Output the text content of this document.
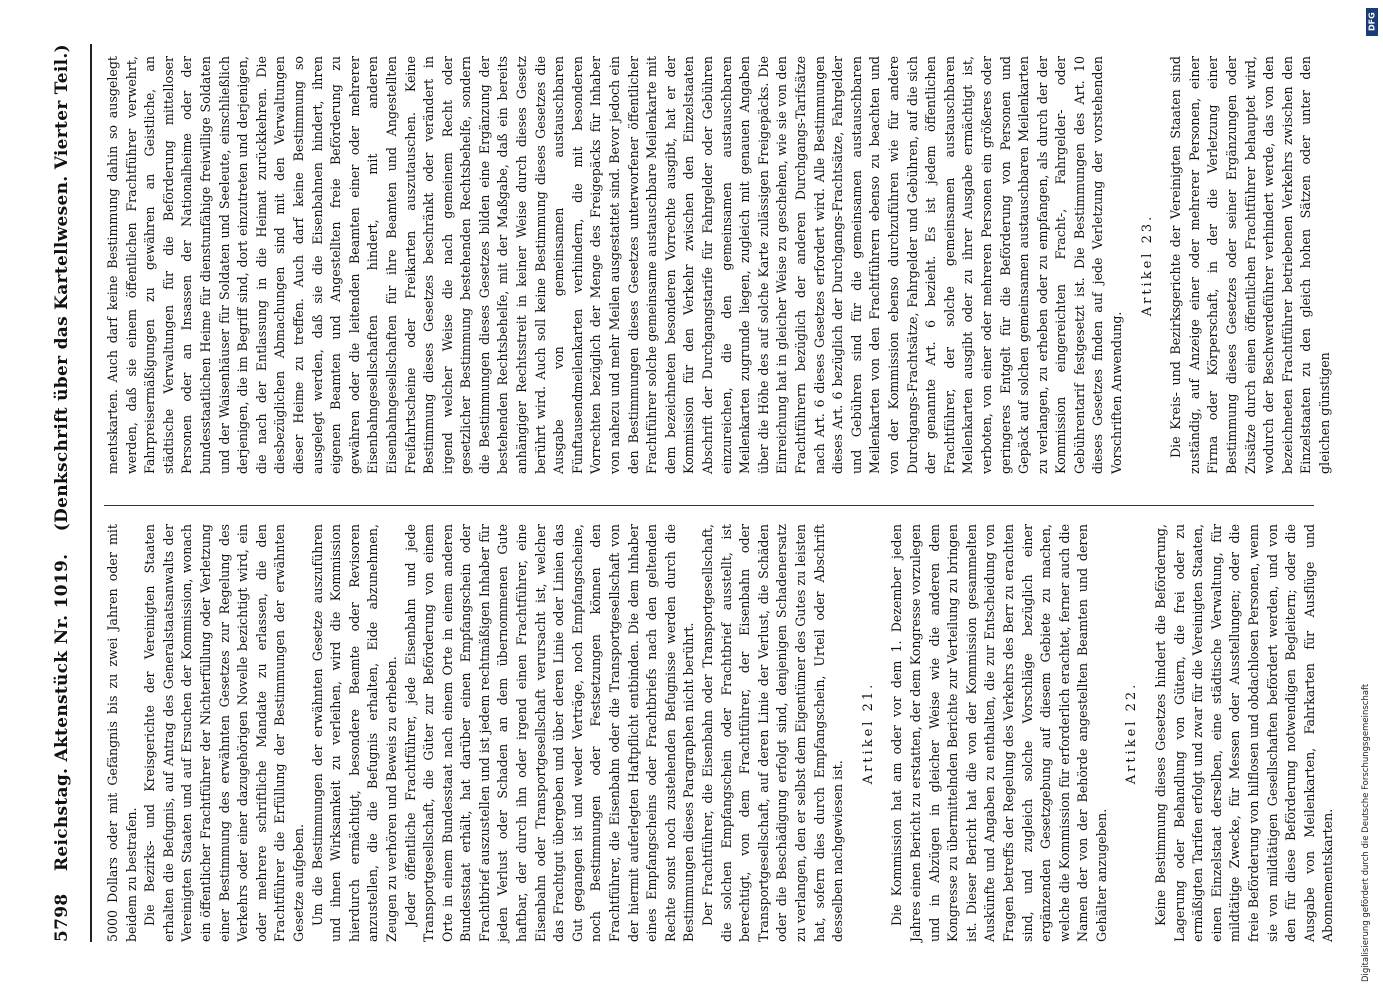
5798
Reichstag. Aktenstück Nr. 1019.
(Denkschrift über das Kartellwesen. Vierter Teil.)

5000 Dollars oder mit Gefängnis bis zu zwei Jahren oder mit beidem zu bestrafen. Die Bezirks- und Kreisgerichte der Vereinigten Staaten erhalten die Befugnis, auf Antrag des Generalstaatsanwalts der Vereinigten Staaten und auf Ersuchen der Kommission, wonach ein öffentlicher Frachtführer der Nichterfüllung oder Verletzung einer Bestimmung des erwähnten Gesetzes zur Regelung des Verkehrs oder einer dazugehörigen Novelle bezichtigt wird, ein oder mehrere schriftliche Mandate zu erlassen, die den Frachtführer die Erfüllung der Bestimmungen der erwähnten Gesetze aufgeben. Um die Bestimmungen der erwähnten Gesetze auszuführen und ihnen Wirksamkeit zu verleihen, wird die Kommission hierdurch ermächtigt, besondere Beamte oder Revisoren anzustellen, die die Befugnis erhalten, Eide abzunehmen, Zeugen zu verhören und Beweis zu erheben. Jeder öffentliche Frachtführer, jede Eisenbahn und jede Transportgesellschaft, die Güter zur Beförderung von einem Orte in einem Bundesstaat nach einem Orte in einem anderen Bundesstaat erhält, hat darüber einen Empfangschein oder Frachtbrief auszustellen und ist jedem rechtmäßigen Inhaber für jeden Verlust oder Schaden an dem übernommenen Gute haftbar, der durch ihn oder irgend einen Frachtführer, eine Eisenbahn oder Transportgesellschaft verursacht ist, welcher das Frachtgut übergeben und über deren Linie oder Linien das Gut gegangen ist und weder Verträge, noch Empfangscheine, noch Bestimmungen oder Festsetzungen können den Frachtführer, die Eisenbahn oder die Transportgesellschaft von der hiermit auferlegten Haftpflicht entbinden. Die dem Inhaber eines Empfangscheins oder Frachtbriefs nach den geltenden Rechte sonst noch zustehenden Befugnisse werden durch die Bestimmungen dieses Paragraphen nicht berührt. Der Frachtführer, die Eisenbahn oder Transportgesellschaft, die solchen Empfangschein oder Frachtbrief ausstellt, ist berechtigt, von dem Frachtführer, der Eisenbahn oder Transportgesellschaft, auf deren Linie der Verlust, die Schäden oder die Beschädigung erfolgt sind, denjenigen Schadenersatz zu verlangen, den er selbst dem Eigentümer des Gutes zu leisten hat, sofern dies durch Empfangschein, Urteil oder Abschrift desselben nachgewiesen ist.

Artikel 21. Die Kommission hat am oder vor dem 1. Dezember jeden Jahres einen Bericht zu erstatten, der dem Kongresse vorzulegen und in Abzügen in gleicher Weise wie die anderen dem Kongresse zu übermittelnden Berichte zur Verteilung zu bringen ist. Dieser Bericht hat die von der Kommission gesammelten Auskünfte und Angaben zu enthalten, die zur Entscheidung von Fragen betreffs der Regelung des Verkehrs des Berr zu erachten sind, und zugleich solche Vorschläge bezüglich einer ergänzenden Gesetzgebung auf diesem Gebiete zu machen, welche die Kommission für erforderlich erachtet, ferner auch die Namen der von der Behörde angestellten Beamten und deren Gehälter anzugeben.

Artikel 22. Keine Bestimmung dieses Gesetzes hindert die Beförderung, Lagerung oder Behandlung von Gütern, die frei oder zu ermäßigten Tarifen erfolgt und zwar für die Vereinigten Staaten, einen Einzelstaat derselben, eine städtische Verwaltung, für mildtätige Zwecke, für Messen oder Ausstellungen; oder die freie Beförderung von hilflosen und obdachlosen Personen, wenn sie von mildtätigen Gesellschaften befördert werden, und von den für diese Beförderung notwendigen Begleitern; oder die Ausgabe von Meilenkarten, Fahrkarten für Ausflüge und Abonnementskarten.

mentskarten. Auch darf keine Bestimmung dahin so ausgelegt werden, daß sie einem öffentlichen Frachtführer verwehrt, Fahrpreisermäßigungen zu gewähren an Geistliche, an städtische Verwaltungen für die Beförderung mittelloser Personen oder an Insassen der Nationalheime oder der bundesstaatlichen Heime für dienstunfähige freiwillige Soldaten und der Waisenhäuser für Soldaten und Seeleute, einschließlich derjenigen, die im Begriff sind, dort einzutreten und derjenigen, die nach der Entlassung in die Heimat zurückkehren. Die diesbezüglichen Abmachungen sind mit den Verwaltungen dieser Heime zu treffen. Auch darf keine Bestimmung so ausgelegt werden, daß sie die Eisenbahnen hindert, ihren eigenen Beamten und Angestellten freie Beförderung zu gewähren oder die leitenden Beamten einer oder mehrerer Eisenbahngesellschaften hindert, mit anderen Eisenbahngesellschaften für ihre Beamten und Angestellten Freifahrtscheine oder Freikarten auszutauschen. Keine Bestimmung dieses Gesetzes beschränkt oder verändert in irgend welcher Weise die nach gemeinem Recht oder gesetzlicher Bestimmung bestehenden Rechtsbehelfe, sondern die Bestimmungen dieses Gesetzes bilden eine Ergänzung der bestehenden Rechtsbehelfe, mit der Maßgabe, daß ein bereits anhängiger Rechtsstreit in keiner Weise durch dieses Gesetz berührt wird. Auch soll keine Bestimmung dieses Gesetzes die Ausgabe von gemeinsamen austauschbaren Fünftausendmeilenkarten verhindern, die mit besonderen Vorrechten bezüglich der Menge des Freigepäcks für Inhaber von nahezu und mehr Meilen ausgestattet sind. Bevor jedoch ein den Bestimmungen dieses Gesetzes unterworfener öffentlicher Frachtführer solche gemeinsame austauschbare Meilenkarte mit dem bezeichneten besonderen Vorrechte ausgibt, hat er der Kommission für den Verkehr zwischen den Einzelstaaten Abschrift der Durchgangstarife für Fahrgelder oder Gebühren einzureichen, die den gemeinsamen austauschbaren Meilenkarten zugrunde liegen, zugleich mit genauen Angaben über die Höhe des auf solche Karte zulässigen Freigepäcks. Die Einreichung hat in gleicher Weise zu geschehen, wie sie von den Frachtführern bezüglich der anderen Durchgangs-Tarifsätze nach Art. 6 dieses Gesetzes erfordert wird. Alle Bestimmungen dieses Art. 6 bezüglich der Durchgangs-Frachtsätze, Fahrgelder und Gebühren sind für die gemeinsamen austauschbaren Meilenkarten von den Frachtführern ebenso zu beachten und von der Kommission ebenso durchzuführen wie für andere Durchgangs-Frachtsätze, Fahrgelder und Gebühren, auf die sich der genannte Art. 6 bezieht. Es ist jedem öffentlichen Frachtführer, der solche gemeinsamen austauschbaren Meilenkarten ausgibt oder zu ihrer Ausgabe ermächtigt ist, verboten, von einer oder mehreren Personen ein größeres oder geringeres Entgelt für die Beförderung von Personen und Gepäck auf solchen gemeinsamen austauschbaren Meilenkarten zu verlangen, zu erheben oder zu empfangen, als durch der der Kommission eingereichten Fracht-, Fahrgelder- oder Gebührentarif festgesetzt ist. Die Bestimmungen des Art. 10 dieses Gesetzes finden auf jede Verletzung der vorstehenden Vorschriften Anwendung.

Artikel 23. Die Kreis- und Bezirksgerichte der Vereinigten Staaten sind zuständig, auf Anzeige einer oder mehrerer Personen, einer Firma oder Körperschaft, in der die Verletzung einer Bestimmung dieses Gesetzes oder seiner Ergänzungen oder Zusätze durch einen öffentlichen Frachtführer behauptet wird, wodurch der Beschwerdeführer verhindert werde, das von den bezeichneten Frachtführer betriebenen Verkehrs zwischen den Einzelstaaten zu den gleich hohen Sätzen oder unter den gleichen günstigen

DFG
Digitalisierung gefördert durch die Deutsche Forschungsgemeinschaft
